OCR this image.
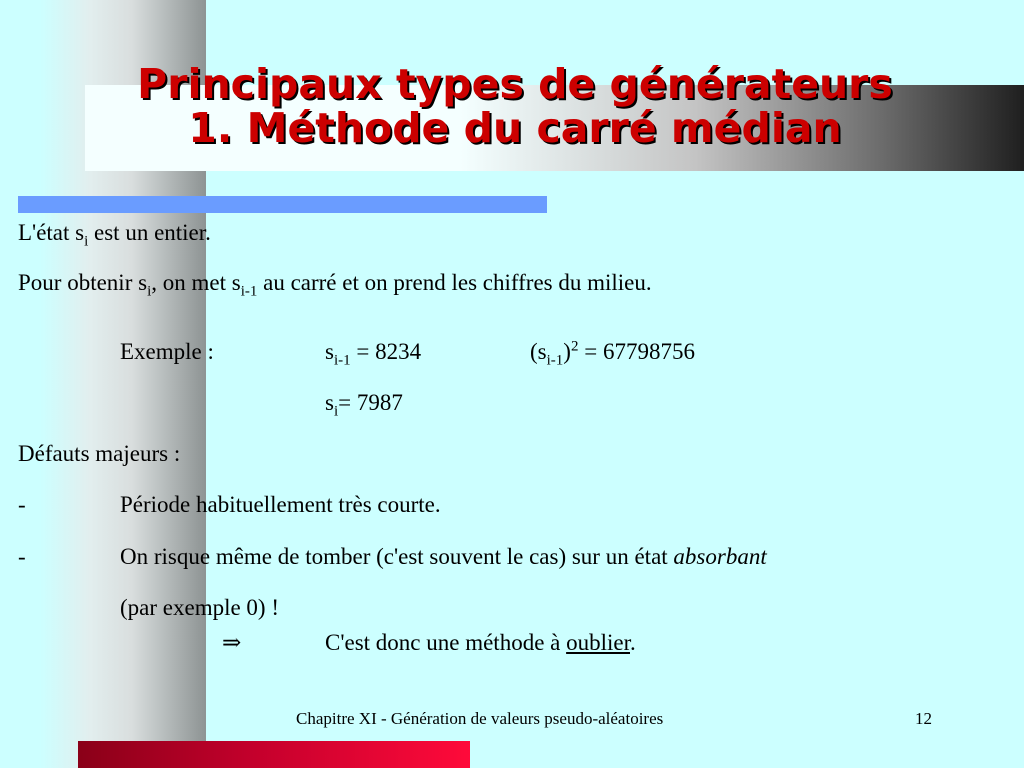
Principaux types de générateurs
1. Méthode du carré médian
L'état $s_i$ est un entier.
Pour obtenir $s_i$, on met $s_{i-1}$ au carré et on prend les chiffres du milieu.
Exemple :	$s_{i-1} = 8234$	$(s_{i-1})^2 = 67798756$
$s_i= 7987$
Défauts majeurs :
-	Période habituellement très courte.
-	On risque même de tomber (c'est souvent le cas) sur un état absorbant
(par exemple 0) !
⇒	C'est donc une méthode à oublier.
Chapitre XI - Génération de valeurs pseudo-aléatoires	12
